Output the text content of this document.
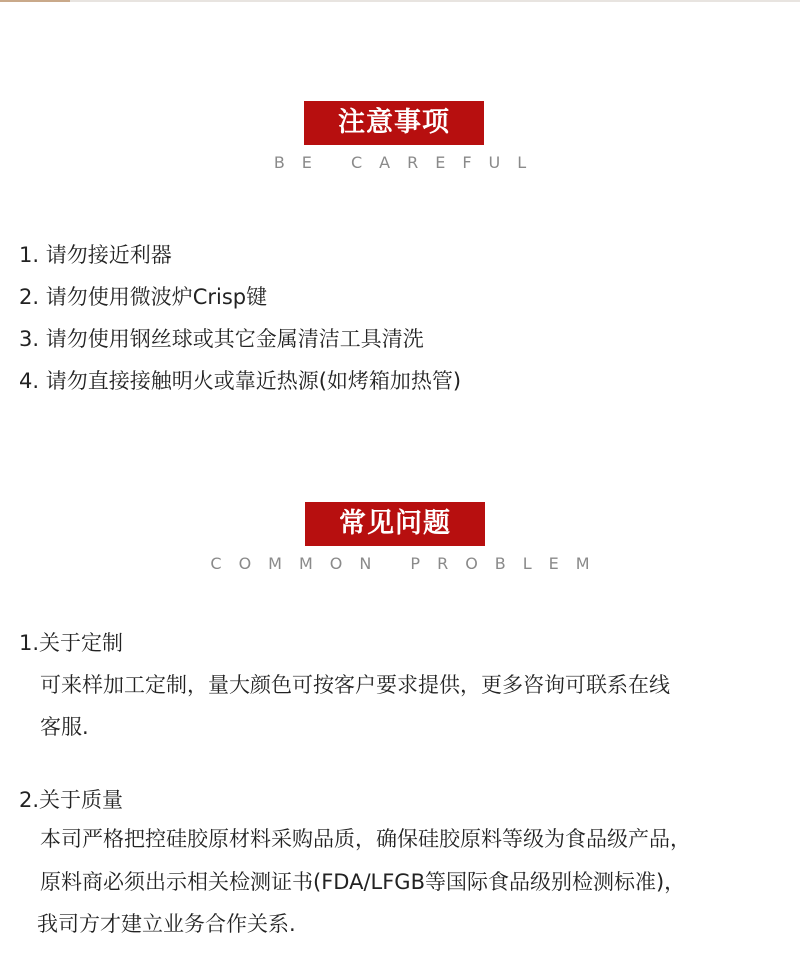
注意事项
BE CAREFUL
1. 请勿接近利器
2. 请勿使用微波炉Crisp键
3. 请勿使用钢丝球或其它金属清洁工具清洗
4. 请勿直接接触明火或靠近热源(如烤箱加热管)
常见问题
COMMON PROBLEM
1.关于定制
可来样加工定制，量大颜色可按客户要求提供，更多咨询可联系在线
客服.
2.关于质量
本司严格把控硅胶原材料采购品质，确保硅胶原料等级为食品级产品，
原料商必须出示相关检测证书(FDA/LFGB等国际食品级别检测标准)，
我司方才建立业务合作关系.
